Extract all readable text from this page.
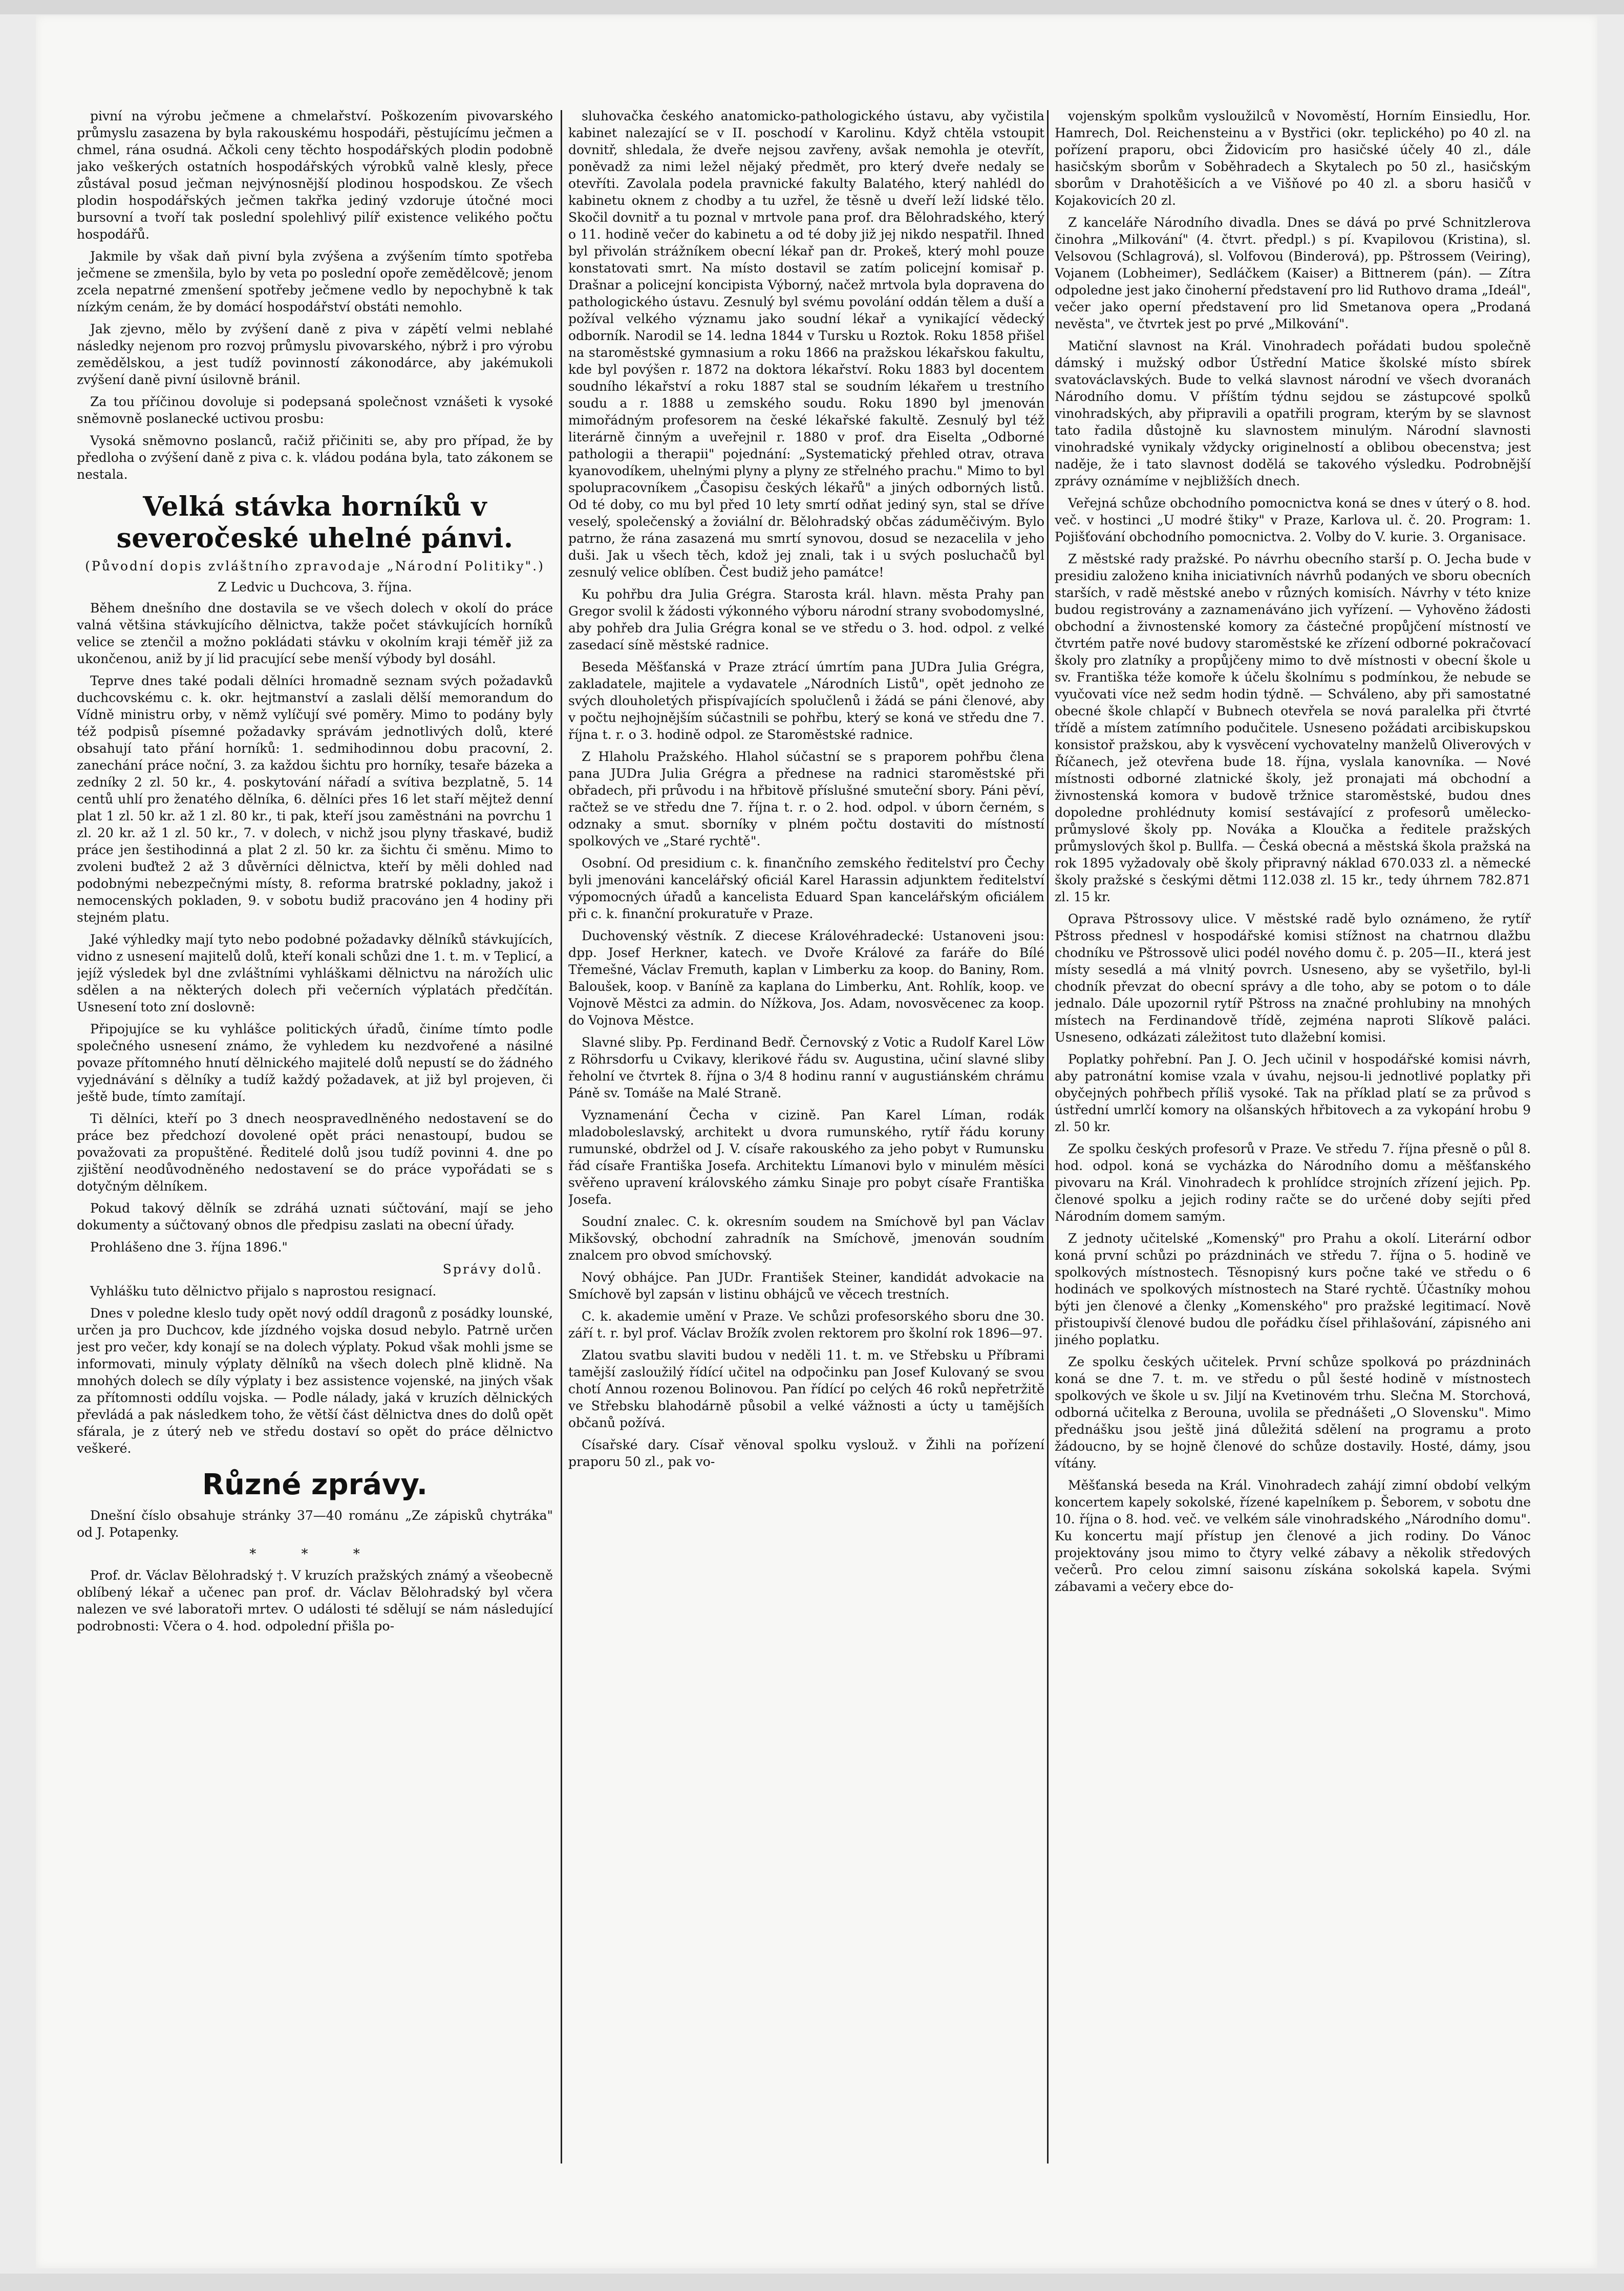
pivní na výrobu ječmene a chmelařství. Poškozením pivovarského průmyslu zasazena by byla rakouskému hospodáři, pěstujícímu ječmen a chmel, rána osudná. Ačkoli ceny těchto hospodářských plodin podobně jako veškerých ostatních hospodářských výrobků valně klesly, přece zůstával posud ječman nejvýnosnější plodinou hospodskou. Ze všech plodin hospodářských ječmen takřka jediný vzdoruje útočné moci bursovní a tvoří tak poslední spolehlivý pilíř existence velikého počtu hospodářů.

Jakmile by však daň pivní byla zvýšena a zvýšením tímto spotřeba ječmene se zmenšila, bylo by veta po poslední opoře zemědělcově; jenom zcela nepatrné zmenšení spotřeby ječmene vedlo by nepochybně k tak nízkým cenám, že by domácí hospodářství obstáti nemohlo.

Jak zjevno, mělo by zvýšení daně z piva v zápětí velmi neblahé následky nejenom pro rozvoj průmyslu pivovarského, nýbrž i pro výrobu zemědělskou, a jest tudíž povinností zákonodárce, aby jakémukoli zvýšení daně pivní úsilovně bránil.

Za tou příčinou dovoluje si podepsaná společnost vznášeti k vysoké sněmovně poslanecké uctivou prosbu:

Vysoká sněmovno poslanců, račiž přičiniti se, aby pro případ, že by předloha o zvýšení daně z piva c. k. vládou podána byla, tato zákonem se nestala.

Velká stávka horníků v severočeské uhelné pánvi.
(Původní dopis zvláštního zpravodaje „Národní Politiky".)
Z Ledvic u Duchcova, 3. října.

Během dnešního dne dostavila se ve všech dolech v okolí do práce valná většina stávkujícího dělnictva, takže počet stávkujících horníků velice se ztenčil a možno pokládati stávku v okolním kraji téměř již za ukončenou, aniž by jí lid pracující sebe menší výbody byl dosáhl.

Teprve dnes také podali dělníci hromadně seznam svých požadavků duchcovskému c. k. okr. hejtmanství a zaslali dělší memorandum do Vídně ministru orby, v němž vylíčují své poměry. Mimo to podány byly též podpisů písemné požadavky správám jednotlivých dolů, které obsahují tato přání horníků: 1. sedmihodinnou dobu pracovní, 2. zanechání práce noční, 3. za každou šichtu pro horníky, tesaře bázeka a zedníky 2 zl. 50 kr., 4. poskytování nářadí a svítiva bezplatně, 5. 14 centů uhlí pro ženatého dělníka, 6. dělníci přes 16 let staří mějtež denní plat 1 zl. 50 kr. až 1 zl. 80 kr., ti pak, kteří jsou zaměstnáni na povrchu 1 zl. 20 kr. až 1 zl. 50 kr., 7. v dolech, v nichž jsou plyny třaskavé, budiž práce jen šestihodinná a plat 2 zl. 50 kr. za šichtu či směnu. Mimo to zvoleni buďtež 2 až 3 důvěrníci dělnictva, kteří by měli dohled nad podobnými nebezpečnými místy, 8. reforma bratrské pokladny, jakož i nemocenských pokladen, 9. v sobotu budiž pracováno jen 4 hodiny při stejném platu.

Jaké výhledky mají tyto nebo podobné požadavky dělníků stávkujících, vidno z usnesení majitelů dolů, kteří konali schůzi dne 1. t. m. v Teplicí, a jejíž výsledek byl dne zvláštními vyhláškami dělnictvu na nárožích ulic sdělen a na některých dolech při večerních výplatách předčítán. Usnesení toto zní doslovně:

Připojujíce se ku vyhlášce politických úřadů, činíme tímto podle společného usnesení známo, že vyhledem ku nezdvořené a násilné povaze přítomného hnutí dělnického majitelé dolů nepustí se do žádného vyjednávání s dělníky a tudíž každý požadavek, at již byl projeven, či ještě bude, tímto zamítají.

Ti dělníci, kteří po 3 dnech neospravedlněného nedostavení se do práce bez předchozí dovolené opět práci nenastoupí, budou se považovati za propuštěné. Ředitelé dolů jsou tudíž povinni 4. dne po zjištění neodůvodněného nedostavení se do práce vypořádati se s dotyčným dělníkem.

Pokud takový dělník se zdráhá uznati súčtování, mají se jeho dokumenty a súčtovaný obnos dle předpisu zaslati na obecní úřady.

Prohlášeno dne 3. října 1896."

Správy dolů.

Vyhlášku tuto dělnictvo přijalo s naprostou resignací.

Dnes v poledne kleslo tudy opět nový oddíl dragonů z posádky lounské, určen ja pro Duchcov, kde jízdného vojska dosud nebylo. Patrně určen jest pro večer, kdy konají se na dolech výplaty. Pokud však mohli jsme se informovati, minuly výplaty dělníků na všech dolech plně klidně. Na mnohých dolech se díly výplaty i bez assistence vojenské, na jiných však za přítomnosti oddílu vojska. — Podle nálady, jaká v kruzích dělnických převládá a pak následkem toho, že větší část dělnictva dnes do dolů opět sfárala, je z úterý neb ve středu dostaví so opět do práce dělnictvo veškeré.

Různé zprávy.

Dnešní číslo obsahuje stránky 37—40 románu „Ze zápisků chytráka" od J. Potapenky.

* * *

Prof. dr. Václav Bělohradský †. V kruzích pražských známý a všeobecně oblíbený lékař a učenec pan prof. dr. Václav Bělohradský byl včera nalezen ve své laboratoři mrtev. O události té sdělují se nám následující podrobnosti: Včera o 4. hod. odpolední přišla po-

sluhovačka českého anatomicko-pathologického ústavu, aby vyčistila kabinet nalezající se v II. poschodí v Karolinu. Když chtěla vstoupit dovnitř, shledala, že dveře nejsou zavřeny, avšak nemohla je otevřít, poněvadž za nimi ležel nějaký předmět, pro který dveře nedaly se otevříti. Zavolala podela pravnické fakulty Balatého, který nahlédl do kabinetu oknem z chodby a tu uzřel, že těsně u dveří leží lidské tělo. Skočil dovnitř a tu poznal v mrtvole pana prof. dra Bělohradského, který o 11. hodině večer do kabinetu a od té doby již jej nikdo nespatřil. Ihned byl přivolán strážníkem obecní lékař pan dr. Prokeš, který mohl pouze konstatovati smrt. Na místo dostavil se zatím policejní komisař p. Drašnar a policejní koncipista Výborný, načež mrtvola byla dopravena do pathologického ústavu. Zesnulý byl svému povolání oddán tělem a duší a požíval velkého významu jako soudní lékař a vynikající vědecký odborník. Narodil se 14. ledna 1844 v Tursku u Roztok. Roku 1858 přišel na staroměstské gymnasium a roku 1866 na pražskou lékařskou fakultu, kde byl povýšen r. 1872 na doktora lékařství. Roku 1883 byl docentem soudního lékařství a roku 1887 stal se soudním lékařem u trestního soudu a r. 1888 u zemského soudu. Roku 1890 byl jmenován mimořádným profesorem na české lékařské fakultě. Zesnulý byl též literárně činným a uveřejnil r. 1880 v prof. dra Eiselta „Odborné pathologii a therapii" pojednání: „Systematický přehled otrav, otrava kyanovodíkem, uhelnými plyny a plyny ze střelného prachu." Mimo to byl spolupracovníkem „Časopisu českých lékařů" a jiných odborných listů. Od té doby, co mu byl před 10 lety smrtí odňat jediný syn, stal se dříve veselý, společenský a žoviální dr. Bělohradský občas záduměčivým. Bylo patrno, že rána zasazená mu smrtí synovou, dosud se nezacelila v jeho duši. Jak u všech těch, kdož jej znali, tak i u svých posluchačů byl zesnulý velice oblíben. Čest budiž jeho památce!

Ku pohřbu dra Julia Grégra. Starosta král. hlavn. města Prahy pan Gregor svolil k žádosti výkonného výboru národní strany svobodomyslné, aby pohřeb dra Julia Grégra konal se ve středu o 3. hod. odpol. z velké zasedací síně městské radnice.

Beseda Měšťanská v Praze ztrácí úmrtím pana JUDra Julia Grégra, zakladatele, majitele a vydavatele „Národních Listů", opět jednoho ze svých dlouholetých přispívajících spolučlenů i žádá se páni členové, aby v počtu nejhojnějším súčastnili se pohřbu, který se koná ve středu dne 7. října t. r. o 3. hodině odpol. ze Staroměstské radnice.

Z Hlaholu Pražského. Hlahol súčastní se s praporem pohřbu člena pana JUDra Julia Grégra a přednese na radnici staroměstské při obřadech, při průvodu i na hřbitově příslušné smuteční sbory. Páni pěví, račtež se ve středu dne 7. října t. r. o 2. hod. odpol. v úborn černém, s odznaky a smut. sborníky v plném počtu dostaviti do místností spolkových ve „Staré rychtě".

Osobní. Od presidium c. k. finančního zemského ředitelství pro Čechy byli jmenováni kancelářský oficiál Karel Harassin adjunktem ředitelství výpomocných úřadů a kancelista Eduard Span kancelářským oficiálem při c. k. finanční prokuratuře v Praze.

Duchovenský věstník. Z diecese Královéhradecké: Ustanoveni jsou: dpp. Josef Herkner, katech. ve Dvoře Králové za faráře do Bílé Třemešné, Václav Fremuth, kaplan v Limberku za koop. do Baniny, Rom. Baloušek, koop. v Baníně za kaplana do Limberku, Ant. Rohlík, koop. ve Vojnově Městci za admin. do Nížkova, Jos. Adam, novosvěcenec za koop. do Vojnova Městce.

Slavné sliby. Pp. Ferdinand Bedř. Černovský z Votic a Rudolf Karel Löw z Röhrsdorfu u Cvikavy, klerikové řádu sv. Augustina, učiní slavné sliby řeholní ve čtvrtek 8. října o 3/4 8 hodinu ranní v augustiánském chrámu Páně sv. Tomáše na Malé Straně.

Vyznamenání Čecha v cizině. Pan Karel Líman, rodák mladoboleslavský, architekt u dvora rumunského, rytíř řádu koruny rumunské, obdržel od J. V. císaře rakouského za jeho pobyt v Rumunsku řád císaře Františka Josefa. Architektu Límanovi bylo v minulém měsíci svěřeno upravení královského zámku Sinaje pro pobyt císaře Františka Josefa.

Soudní znalec. C. k. okresním soudem na Smíchově byl pan Václav Mikšovský, obchodní zahradník na Smíchově, jmenován soudním znalcem pro obvod smíchovský.

Nový obhájce. Pan JUDr. František Steiner, kandidát advokacie na Smíchově byl zapsán v listinu obhájců ve věcech trestních.

C. k. akademie umění v Praze. Ve schůzi profesorského sboru dne 30. září t. r. byl prof. Václav Brožík zvolen rektorem pro školní rok 1896—97.

Zlatou svatbu slaviti budou v neděli 11. t. m. ve Střebsku u Příbrami tamější zasloužilý řídící učitel na odpočinku pan Josef Kulovaný se svou chotí Annou rozenou Bolinovou. Pan řídící po celých 46 roků nepřetržitě ve Střebsku blahodárně působil a velké vážnosti a úcty u tamějších občanů požívá.

Císařské dary. Císař věnoval spolku vyslouž. v Žihli na pořízení praporu 50 zl., pak vo-

vojenským spolkům vysloužilců v Novoměstí, Horním Einsiedlu, Hor. Hamrech, Dol. Reichensteinu a v Bystřici (okr. teplického) po 40 zl. na pořízení praporu, obci Židovicím pro hasičské účely 40 zl., dále hasičským sborům v Soběhradech a Skytalech po 50 zl., hasičským sborům v Drahotěšicích a ve Višňové po 40 zl. a sboru hasičů v Kojakovicích 20 zl.

Z kanceláře Národního divadla. Dnes se dává po prvé Schnitzlerova činohra „Milkování" (4. čtvrt. předpl.) s pí. Kvapilovou (Kristina), sl. Velsovou (Schlagrová), sl. Volfovou (Binderová), pp. Pštrossem (Veiring), Vojanem (Lobheimer), Sedláčkem (Kaiser) a Bittnerem (pán). — Zítra odpoledne jest jako činoherní představení pro lid Ruthovo drama „Ideál", večer jako operní představení pro lid Smetanova opera „Prodaná nevěsta", ve čtvrtek jest po prvé „Milkování".

Matiční slavnost na Král. Vinohradech pořádati budou společně dámský i mužský odbor Ústřední Matice školské místo sbírek svatováclavských. Bude to velká slavnost národní ve všech dvoranách Národního domu. V příštím týdnu sejdou se zástupcové spolků vinohradských, aby připravili a opatřili program, kterým by se slavnost tato řadila důstojně ku slavnostem minulým. Národní slavnosti vinohradské vynikaly vždycky originelností a oblibou obecenstva; jest naděje, že i tato slavnost dodělá se takového výsledku. Podrobnější zprávy oznámíme v nejbližších dnech.

Veřejná schůze obchodního pomocnictva koná se dnes v úterý o 8. hod. več. v hostinci „U modré štiky" v Praze, Karlova ul. č. 20. Program: 1. Pojišťování obchodního pomocnictva. 2. Volby do V. kurie. 3. Organisace.

Z městské rady pražské. Po návrhu obecního starší p. O. Jecha bude v presidiu založeno kniha iniciativních návrhů podaných ve sboru obecních starších, v radě městské anebo v různých komisích. Návrhy v této knize budou registrovány a zaznamenáváno jich vyřízení. — Vyhověno žádosti obchodní a živnostenské komory za částečné propůjčení místností ve čtvrtém patře nové budovy staroměstské ke zřízení odborné pokračovací školy pro zlatníky a propůjčeny mimo to dvě místnosti v obecní škole u sv. Františka téže komoře k účelu školnímu s podmínkou, že nebude se vyučovati více než sedm hodin týdně. — Schváleno, aby při samostatné obecné škole chlapčí v Bubnech otevřela se nová paralelka při čtvrté třídě a místem zatímního podučitele. Usneseno požádati arcibiskupskou konsistoř pražskou, aby k vysvěcení vychovatelny manželů Oliverových v Říčanech, jež otevřena bude 18. října, vyslala kanovníka. — Nové místnosti odborné zlatnické školy, jež pronajati má obchodní a živnostenská komora v budově tržnice staroměstské, budou dnes dopoledne prohlédnuty komisí sestávající z profesorů umělecko-průmyslové školy pp. Nováka a Kloučka a ředitele pražských průmyslových škol p. Bullfa. — Česká obecná a městská škola pražská na rok 1895 vyžadovaly obě školy připravný náklad 670.033 zl. a německé školy pražské s českými dětmi 112.038 zl. 15 kr., tedy úhrnem 782.871 zl. 15 kr.

Oprava Pštrossovy ulice. V městské radě bylo oznámeno, že rytíř Pštross přednesl v hospodářské komisi stížnost na chatrnou dlažbu chodníku ve Pštrossově ulici podél nového domu č. p. 205—II., která jest místy sesedlá a má vlnitý povrch. Usneseno, aby se vyšetřilo, byl-li chodník převzat do obecní správy a dle toho, aby se potom o to dále jednalo. Dále upozornil rytíř Pštross na značné prohlubiny na mnohých místech na Ferdinandově třídě, zejména naproti Slíkově paláci. Usneseno, odkázati záležitost tuto dlažební komisi.

Poplatky pohřební. Pan J. O. Jech učinil v hospodářské komisi návrh, aby patronátní komise vzala v úvahu, nejsou-li jednotlivé poplatky při obyčejných pohřbech příliš vysoké. Tak na příklad platí se za průvod s ústřední umrlčí komory na olšanských hřbitovech a za vykopání hrobu 9 zl. 50 kr.

Ze spolku českých profesorů v Praze. Ve středu 7. října přesně o půl 8. hod. odpol. koná se vycházka do Národního domu a měšťanského pivovaru na Král. Vinohradech k prohlídce strojních zřízení jejich. Pp. členové spolku a jejich rodiny račte se do určené doby sejíti před Národním domem samým.

Z jednoty učitelské „Komenský" pro Prahu a okolí. Literární odbor koná první schůzi po prázdninách ve středu 7. října o 5. hodině ve spolkových místnostech. Těsnopisný kurs počne také ve středu o 6 hodinách ve spolkových místnostech na Staré rychtě. Účastníky mohou býti jen členové a členky „Komenského" pro pražské legitimací. Nově přistoupivší členové budou dle pořádku čísel přihlašování, zápisného ani jiného poplatku.

Ze spolku českých učitelek. První schůze spolková po prázdninách koná se dne 7. t. m. ve středu o půl šesté hodině v místnostech spolkových ve škole u sv. Jiljí na Kvetinovém trhu. Slečna M. Storchová, odborná učitelka z Berouna, uvolila se přednášeti „O Slovensku". Mimo přednášku jsou ještě jiná důležitá sdělení na programu a proto žádoucno, by se hojně členové do schůze dostavily. Hosté, dámy, jsou vítány.

Měšťanská beseda na Král. Vinohradech zahájí zimní období velkým koncertem kapely sokolské, řízené kapelníkem p. Šeborem, v sobotu dne 10. října o 8. hod. več. ve velkém sále vinohradského „Národního domu". Ku koncertu mají přístup jen členové a jich rodiny. Do Vánoc projektovány jsou mimo to čtyry velké zábavy a několik středových večerů. Pro celou zimní saisonu získána sokolská kapela. Svými zábavami a večery ebce do-
